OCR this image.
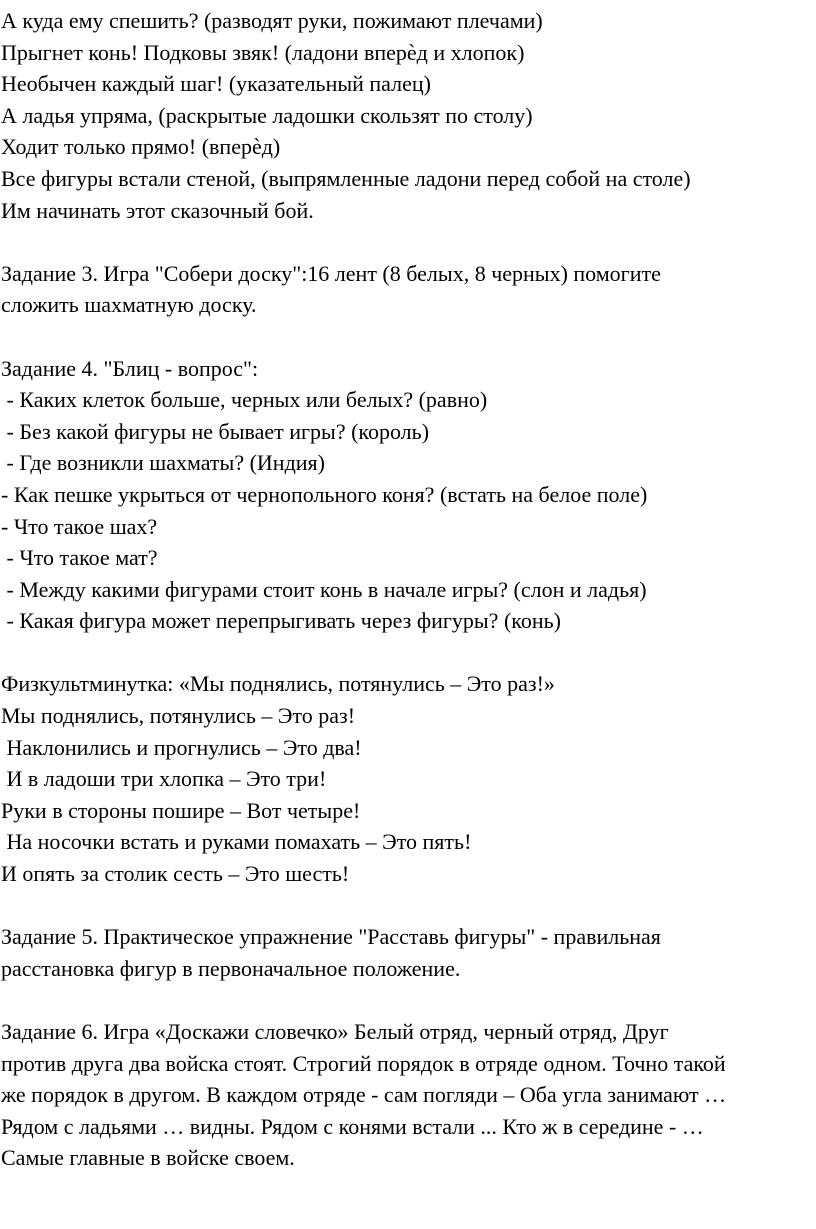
А куда ему спешить? (разводят руки, пожимают плечами)
Прыгнет конь! Подковы звяк! (ладони вперѐд и хлопок)
Необычен каждый шаг! (указательный палец)
А ладья упряма, (раскрытые ладошки скользят по столу)
Ходит только прямо! (вперѐд)
Все фигуры встали стеной, (выпрямленные ладони перед собой на столе)
Им начинать этот сказочный бой.
Задание 3. Игра "Собери доску":16 лент (8 белых, 8 черных) помогите
сложить шахматную доску.
Задание 4. "Блиц - вопрос":
- Каких клеток больше, черных или белых? (равно)
- Без какой фигуры не бывает игры? (король)
- Где возникли шахматы? (Индия)
- Как пешке укрыться от чернопольного коня? (встать на белое поле)
- Что такое шах?
- Что такое мат?
- Между какими фигурами стоит конь в начале игры? (слон и ладья)
- Какая фигура может перепрыгивать через фигуры? (конь)
Физкультминутка: «Мы поднялись, потянулись – Это раз!»
Мы поднялись, потянулись – Это раз!
Наклонились и прогнулись – Это два!
И в ладоши три хлопка – Это три!
Руки в стороны пошире – Вот четыре!
На носочки встать и руками помахать – Это пять!
И опять за столик сесть – Это шесть!
Задание 5. Практическое упражнение "Расставь фигуры" - правильная
расстановка фигур в первоначальное положение.
Задание 6. Игра «Доскажи словечко» Белый отряд, черный отряд, Друг
против друга два войска стоят. Строгий порядок в отряде одном. Точно такой
же порядок в другом. В каждом отряде - сам погляди – Оба угла занимают …
Рядом с ладьями … видны. Рядом с конями встали ... Кто ж в середине - …
Самые главные в войске своем.
